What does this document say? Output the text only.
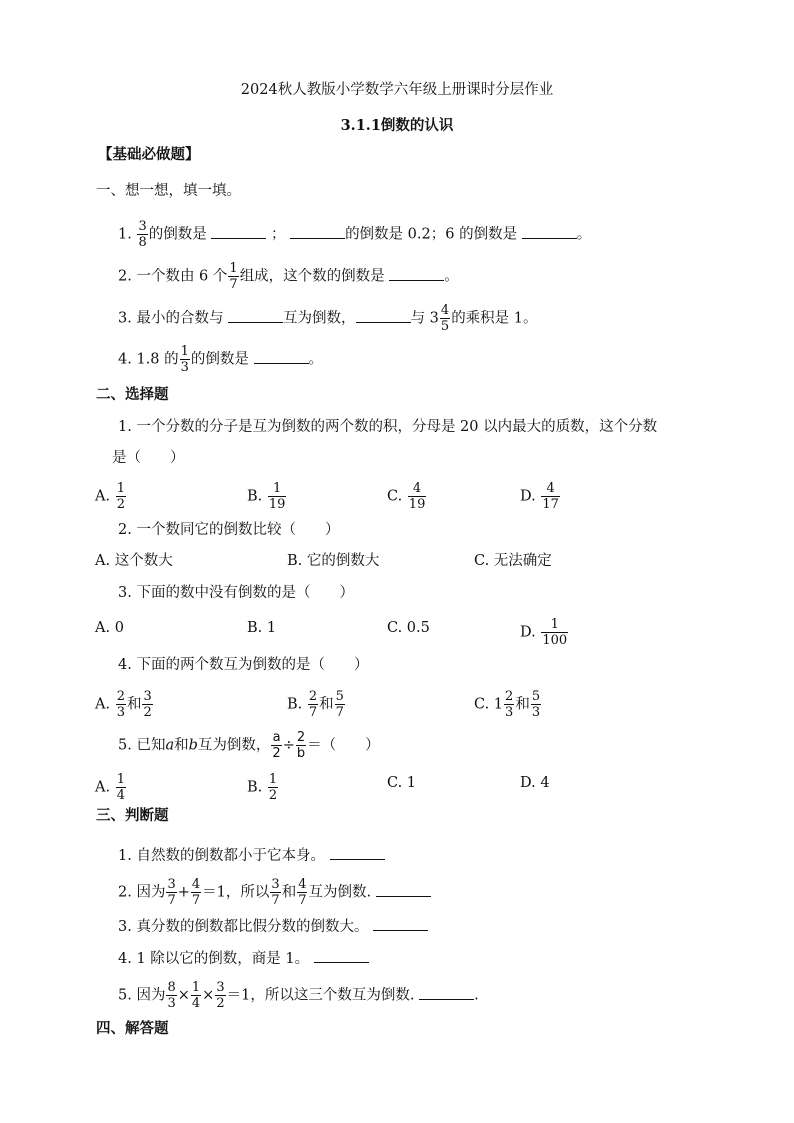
2024秋人教版小学数学六年级上册课时分层作业
3.1.1倒数的认识
【基础必做题】
一、想一想，填一填。
1. $\frac{3}{8}$ 的倒数是	；	的倒数是 0.2；6 的倒数是	。
2. 一个数由 6 个 $\frac{1}{7}$ 组成，这个数的倒数是	。
3. 最小的合数与	互为倒数，	与 $3 \frac{4}{5}$ 的乘积是 1。
4. 1.8 的 $\frac{1}{3}$ 的倒数是	。
二、选择题
1. 一个分数的分子是互为倒数的两个数的积，分母是 20 以内最大的质数，这个分数
是（　　）
A. $\frac{1}{2}$	B. $\frac{1}{19}$	C. $\frac{4}{19}$	D. $\frac{4}{17}$
2. 一个数同它的倒数比较（　　）
A. 这个数大	B. 它的倒数大	C. 无法确定
3. 下面的数中没有倒数的是（　　）
A. 0	B. 1	C. 0.5	D. $\frac{1}{100}$
4. 下面的两个数互为倒数的是（　　）
A. $\frac{2}{3}$ 和 $\frac{3}{2}$	B. $\frac{2}{7}$ 和 $\frac{5}{7}$	C. $1 \frac{2}{3}$ 和 $\frac{5}{3}$
5. 已知a和b互为倒数， $\frac{a}{2} \div \frac{2}{b}$ ＝（　　）
A. $\frac{1}{4}$	B. $\frac{1}{2}$	C. 1	D. 4
三、判断题
1. 自然数的倒数都小于它本身。
2. 因为 $\frac{3}{7} + \frac{4}{7} =1$，所以 $\frac{3}{7}$ 和 $\frac{4}{7}$ 互为倒数.
3. 真分数的倒数都比假分数的倒数大。
4. 1 除以它的倒数，商是 1。
5. 因为 $\frac{8}{3} \times \frac{1}{4} \times \frac{3}{2} =1$，所以这三个数互为倒数.	.
四、解答题
